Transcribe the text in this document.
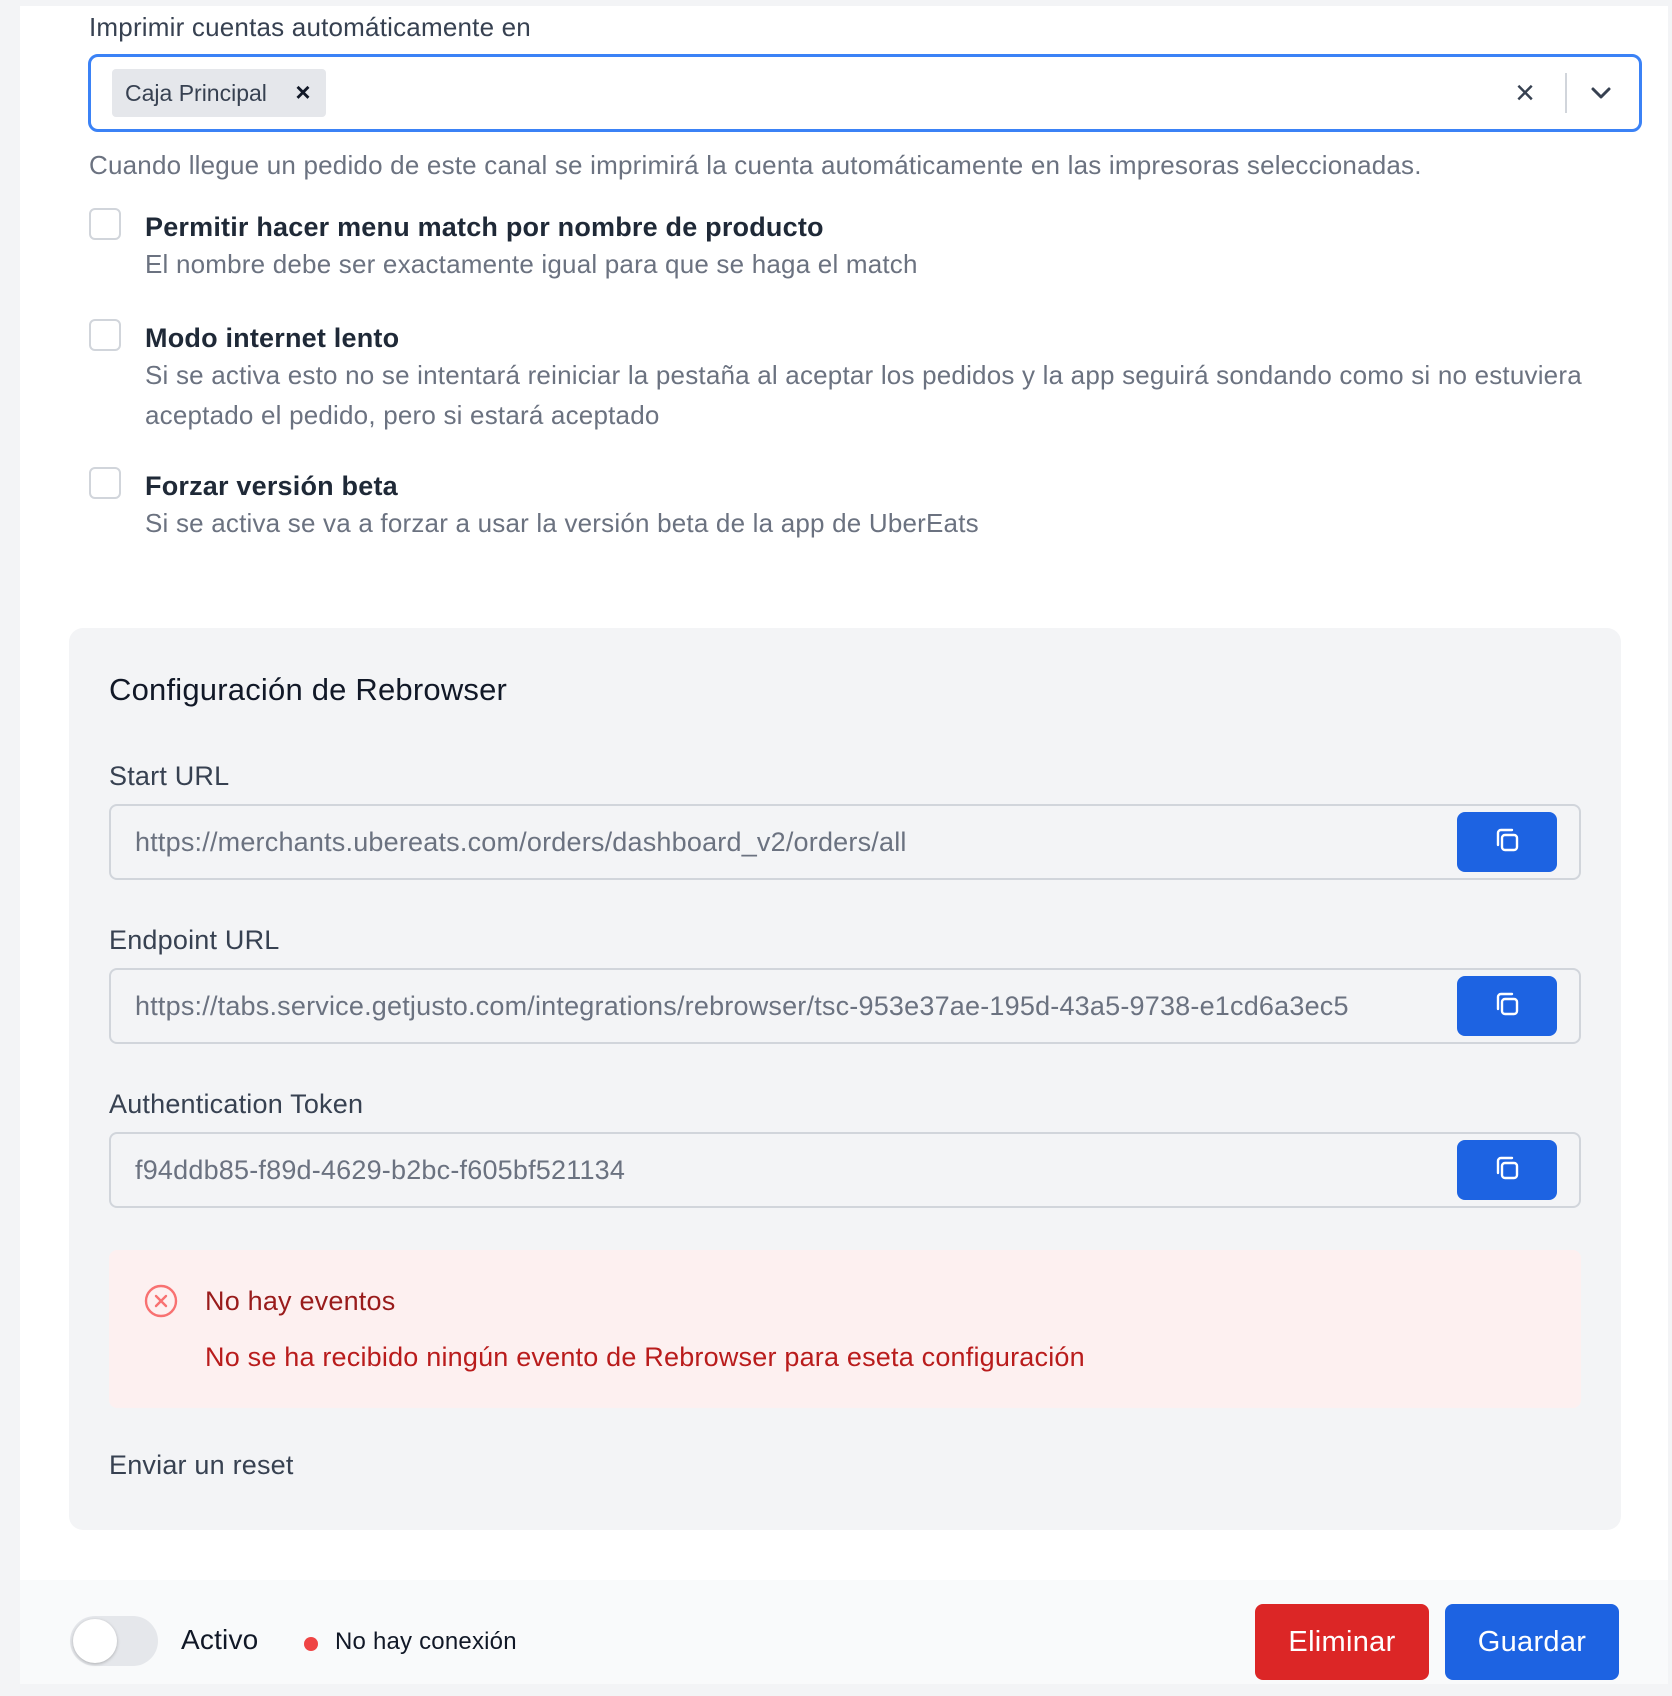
Imprimir cuentas automáticamente en
Caja Principal ×	×
Cuando llegue un pedido de este canal se imprimirá la cuenta automáticamente en las impresoras seleccionadas.
Permitir hacer menu match por nombre de producto
El nombre debe ser exactamente igual para que se haga el match
Modo internet lento
Si se activa esto no se intentará reiniciar la pestaña al aceptar los pedidos y la app seguirá sondando como si no estuviera aceptado el pedido, pero si estará aceptado
Forzar versión beta
Si se activa se va a forzar a usar la versión beta de la app de UberEats
Configuración de Rebrowser
Start URL
https://merchants.ubereats.com/orders/dashboard_v2/orders/all
Endpoint URL
https://tabs.service.getjusto.com/integrations/rebrowser/tsc-953e37ae-195d-43a5-9738-e1cd6a3ec5
Authentication Token
f94ddb85-f89d-4629-b2bc-f605bf521134
No hay eventos
No se ha recibido ningún evento de Rebrowser para eseta configuración
Enviar un reset
Activo	No hay conexión	Eliminar	Guardar
